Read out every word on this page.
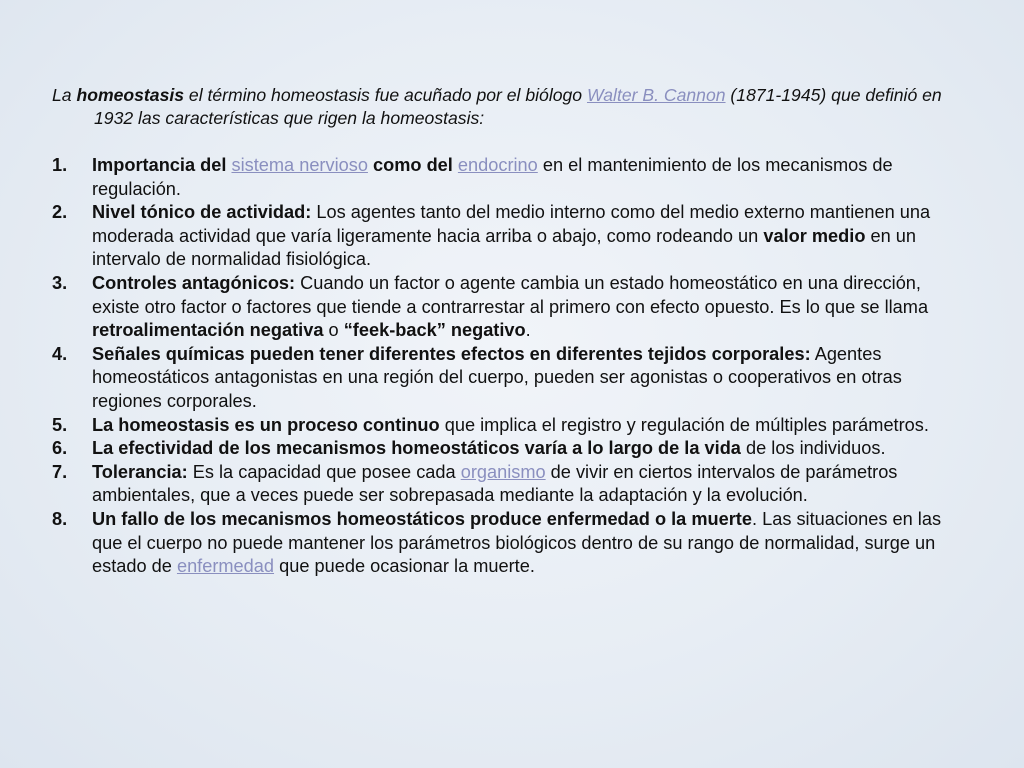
La homeostasis el término homeostasis fue acuñado por el biólogo Walter B. Cannon (1871-1945) que definió en 1932 las características que rigen la homeostasis:

1.	Importancia del sistema nervioso como del endocrino en el mantenimiento de los mecanismos de regulación.
2.	Nivel tónico de actividad: Los agentes tanto del medio interno como del medio externo mantienen una moderada actividad que varía ligeramente hacia arriba o abajo, como rodeando un valor medio en un intervalo de normalidad fisiológica.
3.	Controles antagónicos: Cuando un factor o agente cambia un estado homeostático en una dirección, existe otro factor o factores que tiende a contrarrestar al primero con efecto opuesto. Es lo que se llama retroalimentación negativa o “feek-back” negativo.
4.	Señales químicas pueden tener diferentes efectos en diferentes tejidos corporales: Agentes homeostáticos antagonistas en una región del cuerpo, pueden ser agonistas o cooperativos en otras regiones corporales.
5.	La homeostasis es un proceso continuo que implica el registro y regulación de múltiples parámetros.
6.	La efectividad de los mecanismos homeostáticos varía a lo largo de la vida de los individuos.
7.	Tolerancia: Es la capacidad que posee cada organismo de vivir en ciertos intervalos de parámetros ambientales, que a veces puede ser sobrepasada mediante la adaptación y la evolución.
8.	Un fallo de los mecanismos homeostáticos produce enfermedad o la muerte. Las situaciones en las que el cuerpo no puede mantener los parámetros biológicos dentro de su rango de normalidad, surge un estado de enfermedad que puede ocasionar la muerte.
